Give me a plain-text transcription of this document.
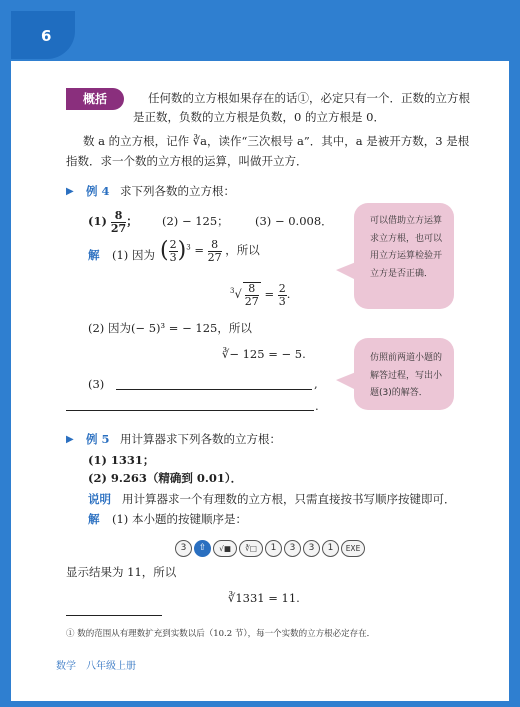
6
概括	任何数的立方根如果存在的话①，必定只有一个．正数的立方根
是正数，负数的立方根是负数，0 的立方根是 0．
数 a 的立方根，记作 ∛a，读作“三次根号 a”．其中，a 是被开方数，3 是根
指数．求一个数的立方根的运算，叫做开立方．
▶ 例 4 求下列各数的立方根：
$(1) \frac{8}{27}$ ； (2) − 125； (3) − 0.008．
解 (1) 因为 ( $\frac{2}{3} )^3 = \frac{8}{27}$ ，所以
$^3√ \frac{8}{27} = \frac{2}{3}$ .
(2) 因为(− 5)³ = − 125，所以
∛− 125 = − 5.
(3)	,
.
可以借助立方运算求立方根，也可以用立方运算检验开立方是否正确．
仿照前两道小题的解答过程，写出小题(3)的解答．
▶ 例 5 用计算器求下列各数的立方根：
(1) 1331；
(2) 9.263（精确到 0.01）．
说明 用计算器求一个有理数的立方根，只需直接按书写顺序按键即可．
解 (1) 本小题的按键顺序是：
3 ⇧ √■ ∛□ 1 3 3 1 EXE
显示结果为 11，所以
∛1331 = 11.
① 数的范围从有理数扩充到实数以后（10.2 节），每一个实数的立方根必定存在．
数学　八年级上册
